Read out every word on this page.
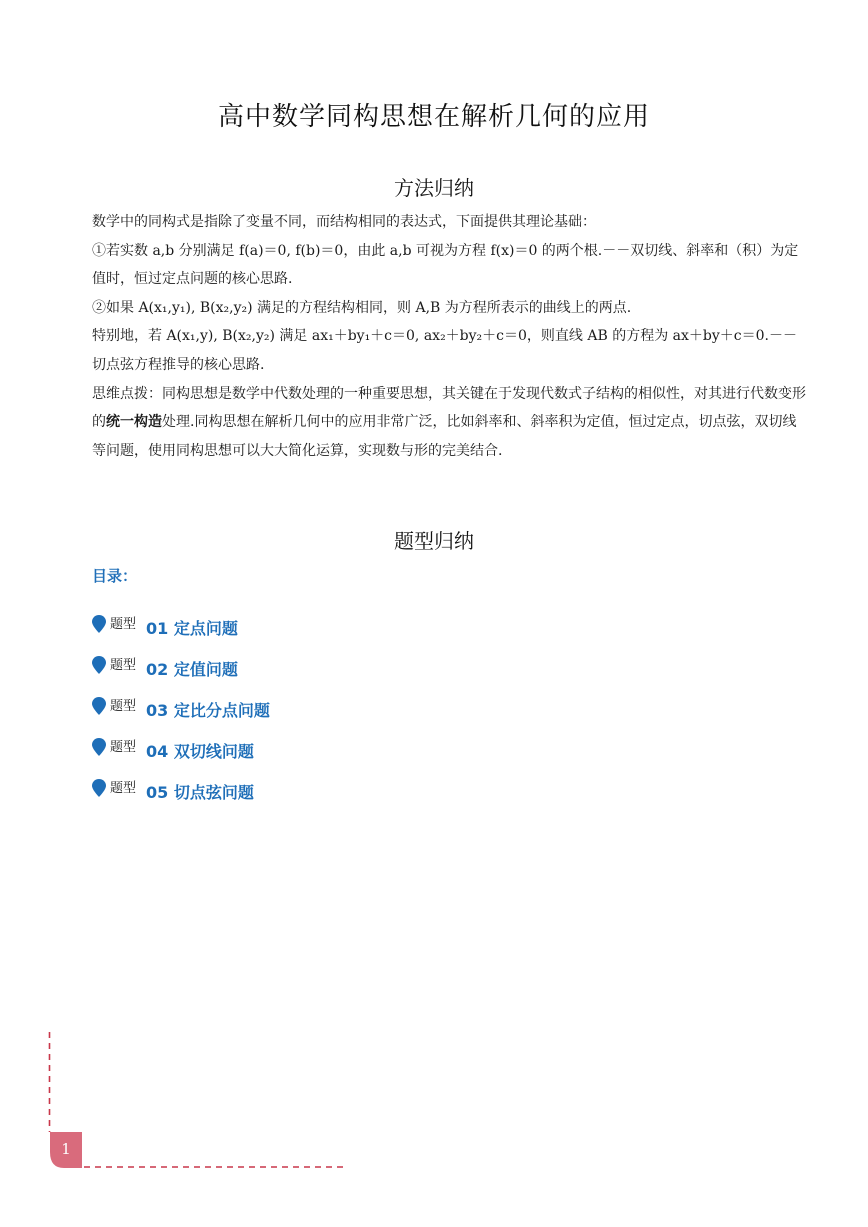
高中数学同构思想在解析几何的应用
方法归纳

数学中的同构式是指除了变量不同，而结构相同的表达式，下面提供其理论基础：

①若实数 a,b 分别满足 f(a)＝0, f(b)＝0，由此 a,b 可视为方程 f(x)＝0 的两个根.－－双切线、斜率和（积）为定值时，恒过定点问题的核心思路.

②如果 A(x₁,y₁), B(x₂,y₂) 满足的方程结构相同，则 A,B 为方程所表示的曲线上的两点.

特别地，若 A(x₁,y), B(x₂,y₂) 满足 ax₁＋by₁＋c＝0, ax₂＋by₂＋c＝0，则直线 AB 的方程为 ax＋by＋c＝0.－－切点弦方程推导的核心思路.

思维点拨：同构思想是数学中代数处理的一种重要思想，其关键在于发现代数式子结构的相似性，对其进行代数变形的统一构造处理.同构思想在解析几何中的应用非常广泛，比如斜率和、斜率积为定值，恒过定点，切点弦，双切线等问题，使用同构思想可以大大简化运算，实现数与形的完美结合.

题型归纳
目录：
题型 01 定点问题
题型 02 定值问题
题型 03 定比分点问题
题型 04 双切线问题
题型 05 切点弦问题
1
